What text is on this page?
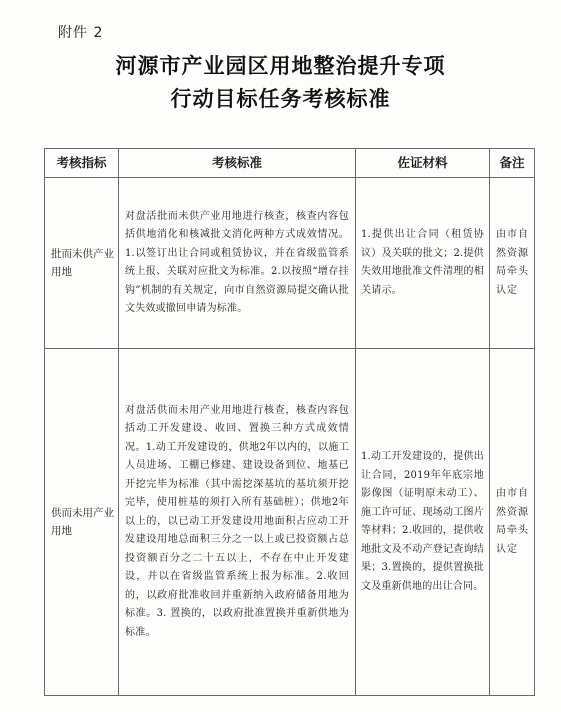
附件 2
河源市产业园区用地整治提升专项
行动目标任务考核标准
考核指标	考核标准	佐证材料	备注
批而未供产业用地	对盘活批而未供产业用地进行核查，核查内容包括供地消化和核减批文消化两种方式成效情况。1.以签订出让合同或租赁协议，并在省级监管系统上报、关联对应批文为标准。2.以按照“增存挂钩”机制的有关规定，向市自然资源局提交确认批文失效或撤回申请为标准。	1.提供出让合同（租赁协议）及关联的批文；2.提供失效用地批准文件清理的相关请示。	由市自然资源局牵头认定
供而未用产业用地	对盘活供而未用产业用地进行核查，核查内容包括动工开发建设、收回、置换三种方式成效情况。1.动工开发建设的，供地2年以内的，以施工人员进场、工棚已修建、建设设备到位、地基已开挖完毕为标准（其中需挖深基坑的基坑须开挖完毕，使用桩基的须打入所有基础桩）；供地2年以上的，以已动工开发建设用地面积占应动工开发建设用地总面积三分之一以上或已投资额占总投资额百分之二十五以上，不存在中止开发建设，并以在省级监管系统上报为标准。2.收回的，以政府批准收回并重新纳入政府储备用地为标准。3. 置换的，以政府批准置换并重新供地为标准。	1.动工开发建设的，提供出让合同，2019年年底宗地影像图（证明原未动工）、施工许可证、现场动工图片等材料；2.收回的，提供收地批文及不动产登记查询结果；3.置换的，提供置换批文及重新供地的出让合同。	由市自然资源局牵头认定
